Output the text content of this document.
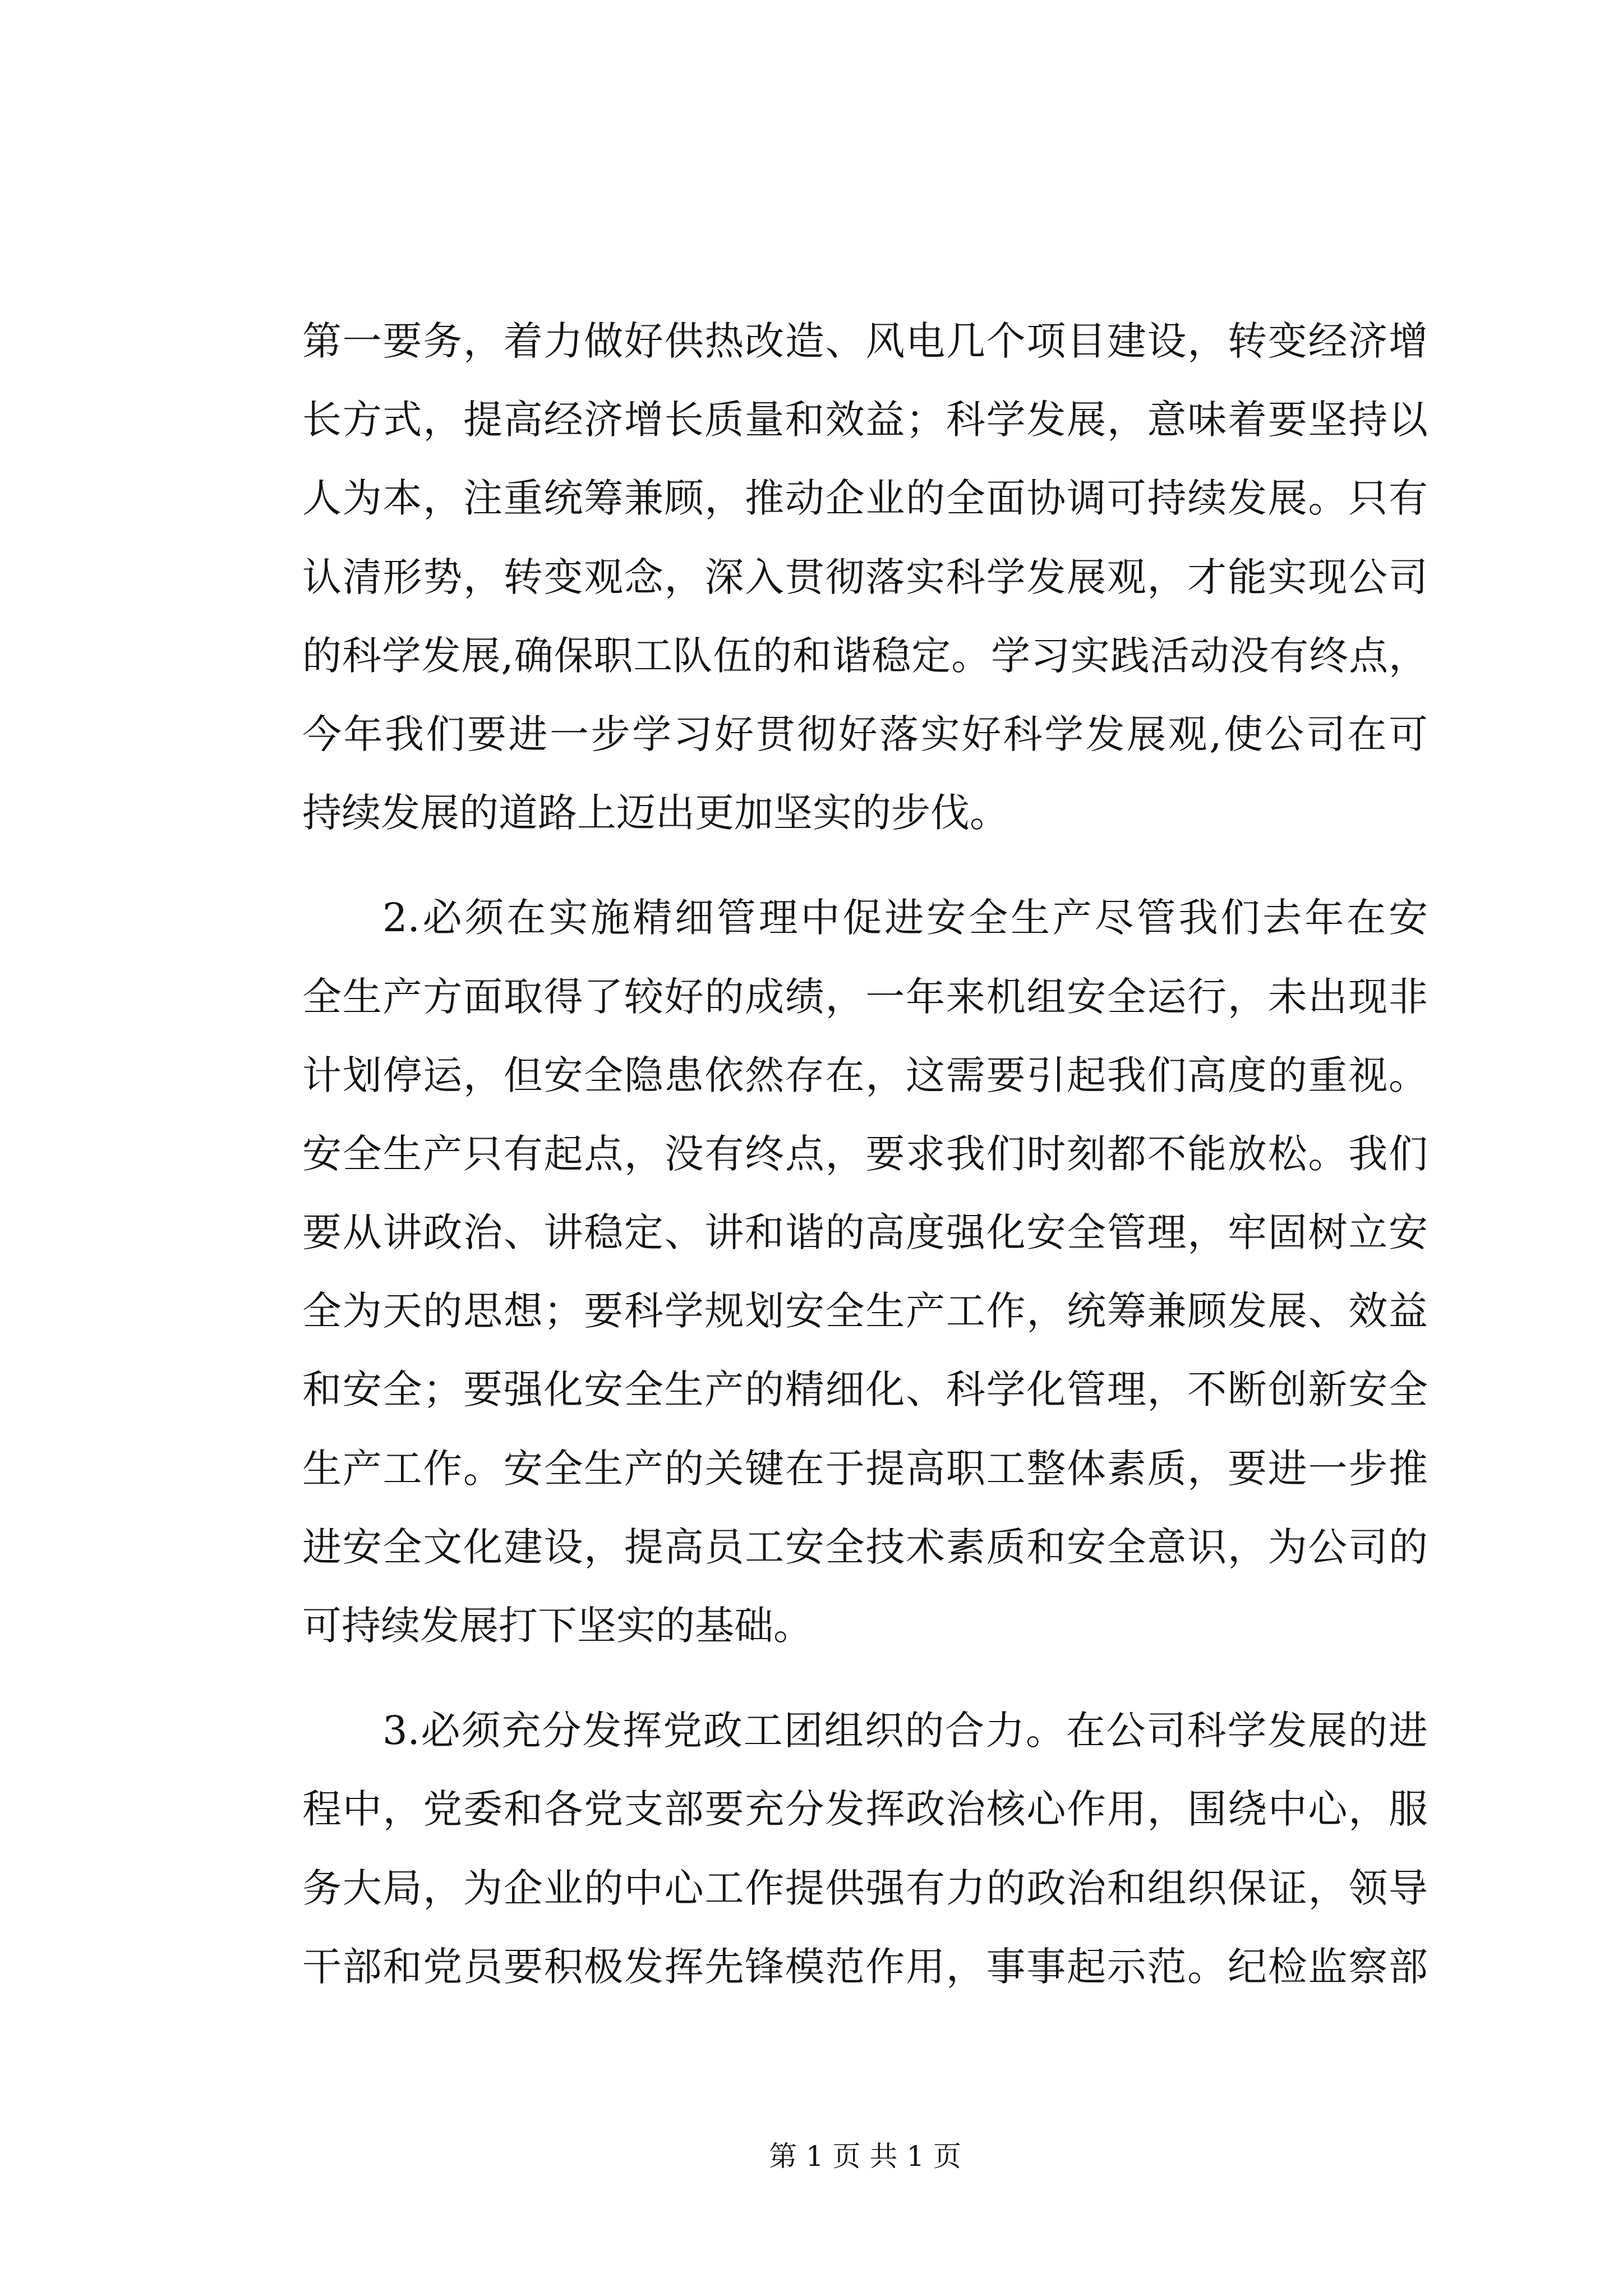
第一要务，着力做好供热改造、风电几个项目建设，转变经济增
长方式，提高经济增长质量和效益；科学发展，意味着要坚持以
人为本，注重统筹兼顾，推动企业的全面协调可持续发展。只有
认清形势，转变观念，深入贯彻落实科学发展观，才能实现公司
的科学发展,确保职工队伍的和谐稳定。学习实践活动没有终点，
今年我们要进一步学习好贯彻好落实好科学发展观,使公司在可
持续发展的道路上迈出更加坚实的步伐。
2.必须在实施精细管理中促进安全生产尽管我们去年在安
全生产方面取得了较好的成绩，一年来机组安全运行，未出现非
计划停运，但安全隐患依然存在，这需要引起我们高度的重视。
安全生产只有起点，没有终点，要求我们时刻都不能放松。我们
要从讲政治、讲稳定、讲和谐的高度强化安全管理，牢固树立安
全为天的思想；要科学规划安全生产工作，统筹兼顾发展、效益
和安全；要强化安全生产的精细化、科学化管理，不断创新安全
生产工作。安全生产的关键在于提高职工整体素质，要进一步推
进安全文化建设，提高员工安全技术素质和安全意识，为公司的
可持续发展打下坚实的基础。
3.必须充分发挥党政工团组织的合力。在公司科学发展的进
程中，党委和各党支部要充分发挥政治核心作用，围绕中心，服
务大局，为企业的中心工作提供强有力的政治和组织保证，领导
干部和党员要积极发挥先锋模范作用，事事起示范。纪检监察部
第 1 页 共 1 页
